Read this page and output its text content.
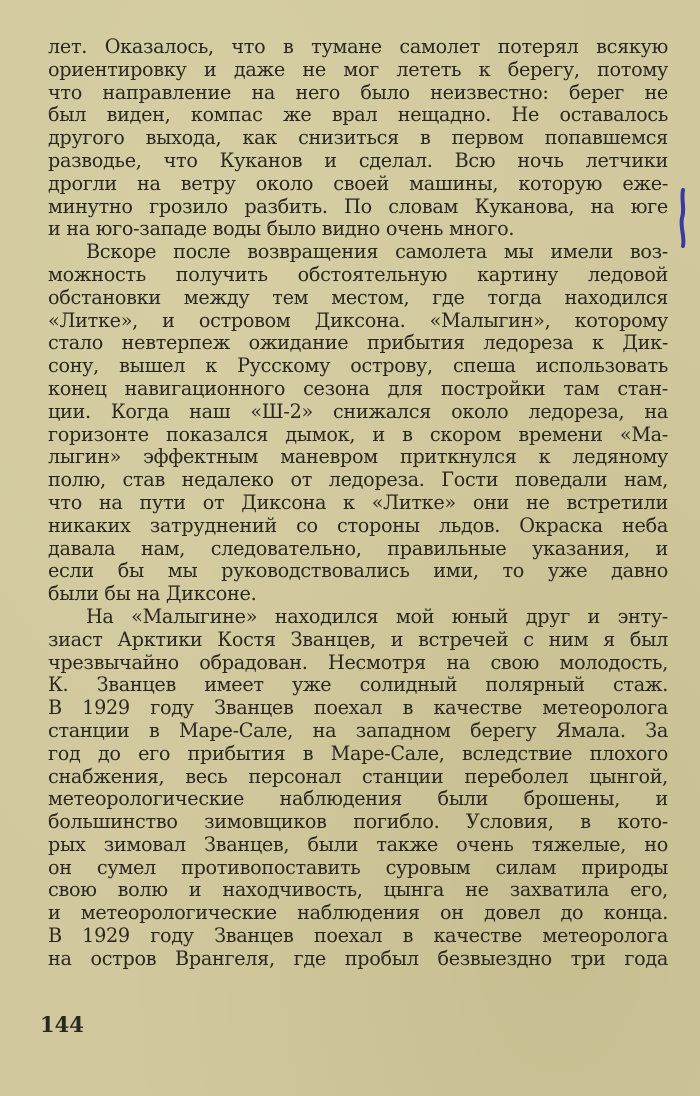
лет. Оказалось, что в тумане самолет потерял всякую
ориентировку и даже не мог лететь к берегу, потому
что направление на него было неизвестно: берег не
был виден, компас же врал нещадно. Не оставалось
другого выхода, как снизиться в первом попавшемся
разводье, что Куканов и сделал. Всю ночь летчики
дрогли на ветру около своей машины, которую еже-
минутно грозило разбить. По словам Куканова, на юге
и на юго-западе воды было видно очень много.
Вскоре после возвращения самолета мы имели воз-
можность получить обстоятельную картину ледовой
обстановки между тем местом, где тогда находился
«Литке», и островом Диксона. «Малыгин», которому
стало невтерпеж ожидание прибытия ледореза к Дик-
сону, вышел к Русскому острову, спеша использовать
конец навигационного сезона для постройки там стан-
ции. Когда наш «Ш-2» снижался около ледореза, на
горизонте показался дымок, и в скором времени «Ма-
лыгин» эффектным маневром приткнулся к ледяному
полю, став недалеко от ледореза. Гости поведали нам,
что на пути от Диксона к «Литке» они не встретили
никаких затруднений со стороны льдов. Окраска неба
давала нам, следовательно, правильные указания, и
если бы мы руководствовались ими, то уже давно
были бы на Диксоне.
На «Малыгине» находился мой юный друг и энту-
зиаст Арктики Костя Званцев, и встречей с ним я был
чрезвычайно обрадован. Несмотря на свою молодость,
К. Званцев имеет уже солидный полярный стаж.
В 1929 году Званцев поехал в качестве метеоролога
станции в Маре-Сале, на западном берегу Ямала. За
год до его прибытия в Маре-Сале, вследствие плохого
снабжения, весь персонал станции переболел цынгой,
метеорологические наблюдения были брошены, и
большинство зимовщиков погибло. Условия, в кото-
рых зимовал Званцев, были также очень тяжелые, но
он сумел противопоставить суровым силам природы
свою волю и находчивость, цынга не захватила его,
и метеорологические наблюдения он довел до конца.
В 1929 году Званцев поехал в качестве метеоролога
на остров Врангеля, где пробыл безвыездно три года
144
